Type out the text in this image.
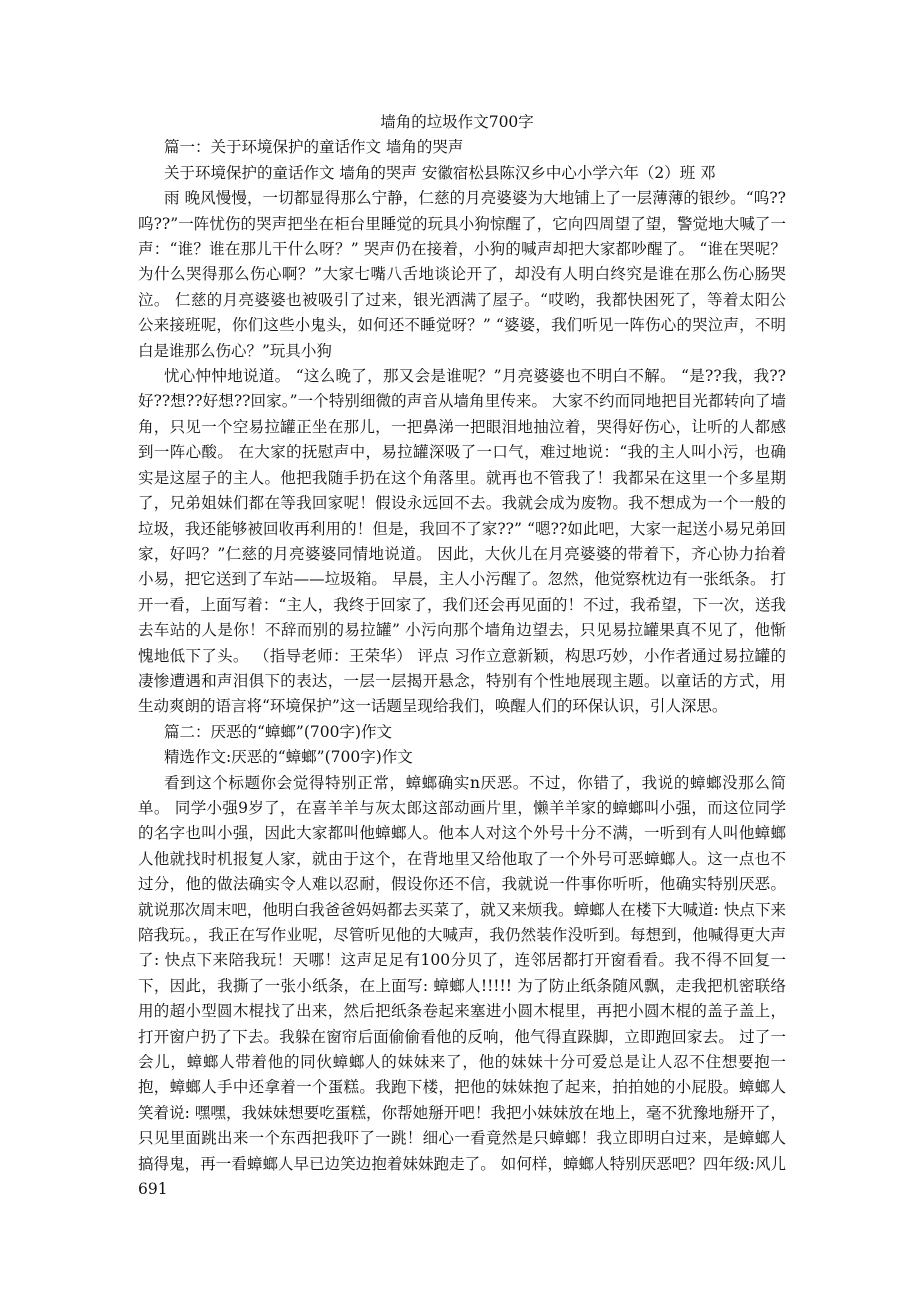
墙角的垃圾作文700字

篇一：关于环境保护的童话作文 墙角的哭声

关于环境保护的童话作文 墙角的哭声 安徽宿松县陈汉乡中心小学六年（2）班 邓

雨 晚风慢慢，一切都显得那么宁静，仁慈的月亮婆婆为大地铺上了一层薄薄的银纱。“呜??呜??”一阵忧伤的哭声把坐在柜台里睡觉的玩具小狗惊醒了，它向四周望了望，警觉地大喊了一声：“谁？谁在那儿干什么呀？” 哭声仍在接着，小狗的喊声却把大家都吵醒了。 “谁在哭呢？为什么哭得那么伤心啊？”大家七嘴八舌地谈论开了，却没有人明白终究是谁在那么伤心肠哭泣。 仁慈的月亮婆婆也被吸引了过来，银光洒满了屋子。“哎哟，我都快困死了，等着太阳公公来接班呢，你们这些小鬼头，如何还不睡觉呀？” “婆婆，我们听见一阵伤心的哭泣声，不明白是谁那么伤心？”玩具小狗

忧心忡忡地说道。 “这么晚了，那又会是谁呢？”月亮婆婆也不明白不解。 “是??我，我??好??想??好想??回家。”一个特别细微的声音从墙角里传来。 大家不约而同地把目光都转向了墙角，只见一个空易拉罐正坐在那儿，一把鼻涕一把眼泪地抽泣着，哭得好伤心，让听的人都感到一阵心酸。 在大家的抚慰声中，易拉罐深吸了一口气，难过地说：“我的主人叫小污，也确实是这屋子的主人。他把我随手扔在这个角落里。就再也不管我了！我都呆在这里一个多星期了，兄弟姐妹们都在等我回家呢！假设永远回不去。我就会成为废物。我不想成为一个一般的垃圾，我还能够被回收再利用的！但是，我回不了家??” “嗯??如此吧，大家一起送小易兄弟回家，好吗？”仁慈的月亮婆婆同情地说道。 因此，大伙儿在月亮婆婆的带着下，齐心协力抬着小易，把它送到了车站——垃圾箱。 早晨，主人小污醒了。忽然，他觉察枕边有一张纸条。 打开一看，上面写着：“主人，我终于回家了，我们还会再见面的！不过，我希望，下一次，送我去车站的人是你！不辞而别的易拉罐” 小污向那个墙角边望去，只见易拉罐果真不见了，他惭愧地低下了头。 （指导老师：王荣华） 评点 习作立意新颖，构思巧妙，小作者通过易拉罐的凄惨遭遇和声泪俱下的表达，一层一层揭开悬念，特别有个性地展现主题。以童话的方式，用生动爽朗的语言将“环境保护”这一话题呈现给我们，唤醒人们的环保认识，引人深思。

篇二：厌恶的“蟑螂”(700字)作文

精选作文:厌恶的“蟑螂”(700字)作文

看到这个标题你会觉得特别正常，蟑螂确实n厌恶。不过，你错了，我说的蟑螂没那么简单。 同学小强9岁了，在喜羊羊与灰太郎这部动画片里，懒羊羊家的蟑螂叫小强，而这位同学的名字也叫小强，因此大家都叫他蟑螂人。他本人对这个外号十分不满，一听到有人叫他蟑螂人他就找时机报复人家，就由于这个，在背地里又给他取了一个外号可恶蟑螂人。这一点也不过分，他的做法确实令人难以忍耐，假设你还不信，我就说一件事你听听，他确实特别厌恶。 就说那次周末吧，他明白我爸爸妈妈都去买菜了，就又来烦我。蟑螂人在楼下大喊道: 快点下来陪我玩。，我正在写作业呢，尽管听见他的大喊声，我仍然装作没听到。每想到，他喊得更大声了: 快点下来陪我玩！天哪！这声足足有100分贝了，连邻居都打开窗看看。我不得不回复一下，因此，我撕了一张小纸条，在上面写: 蟑螂人!!!!! 为了防止纸条随风飘，走我把机密联络用的超小型圆木棍找了出来，然后把纸条卷起来塞进小圆木棍里，再把小圆木棍的盖子盖上，打开窗户扔了下去。我躲在窗帘后面偷偷看他的反响，他气得直跺脚，立即跑回家去。 过了一会儿，蟑螂人带着他的同伙蟑螂人的妹妹来了，他的妹妹十分可爱总是让人忍不住想要抱一抱，蟑螂人手中还拿着一个蛋糕。我跑下楼，把他的妹妹抱了起来，拍拍她的小屁股。蟑螂人笑着说: 嘿嘿，我妹妹想要吃蛋糕，你帮她掰开吧！我把小妹妹放在地上，毫不犹豫地掰开了，只见里面跳出来一个东西把我吓了一跳！细心一看竟然是只蟑螂！我立即明白过来，是蟑螂人搞得鬼，再一看蟑螂人早已边笑边抱着妹妹跑走了。 如何样，蟑螂人特别厌恶吧？四年级:风儿691
